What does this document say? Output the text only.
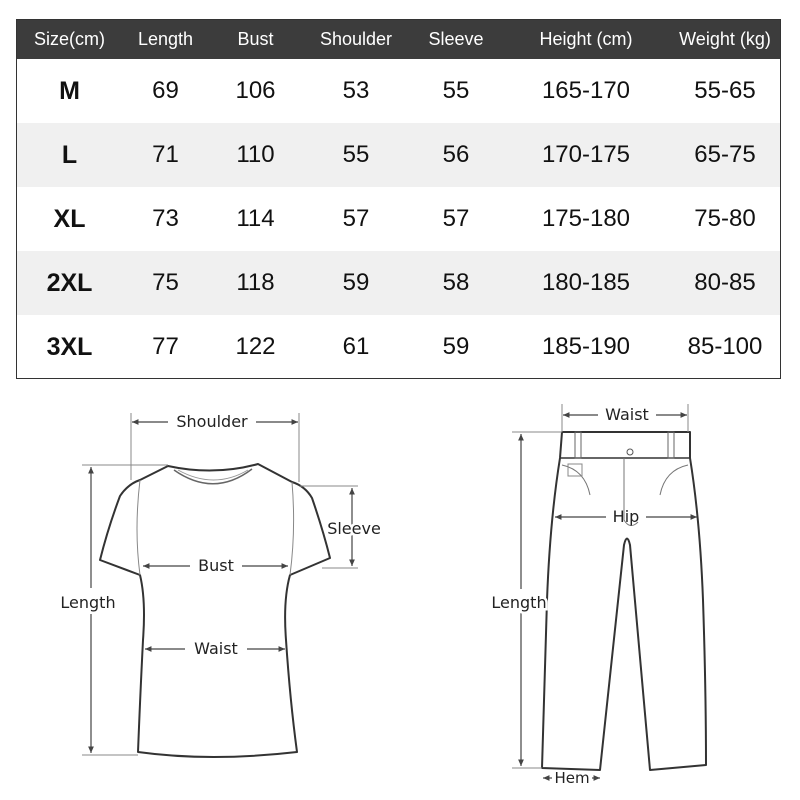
Size(cm)	Length	Bust	Shoulder	Sleeve	Height (cm)	Weight (kg)
M	69	106	53	55	165-170	55-65
L	71	110	55	56	170-175	65-75
XL	73	114	57	57	175-180	75-80
2XL	75	118	59	58	180-185	80-85
3XL	77	122	61	59	185-190	85-100
Shoulder
Sleeve
Bust
Waist
Length
Waist
Hip
Length
Hem
